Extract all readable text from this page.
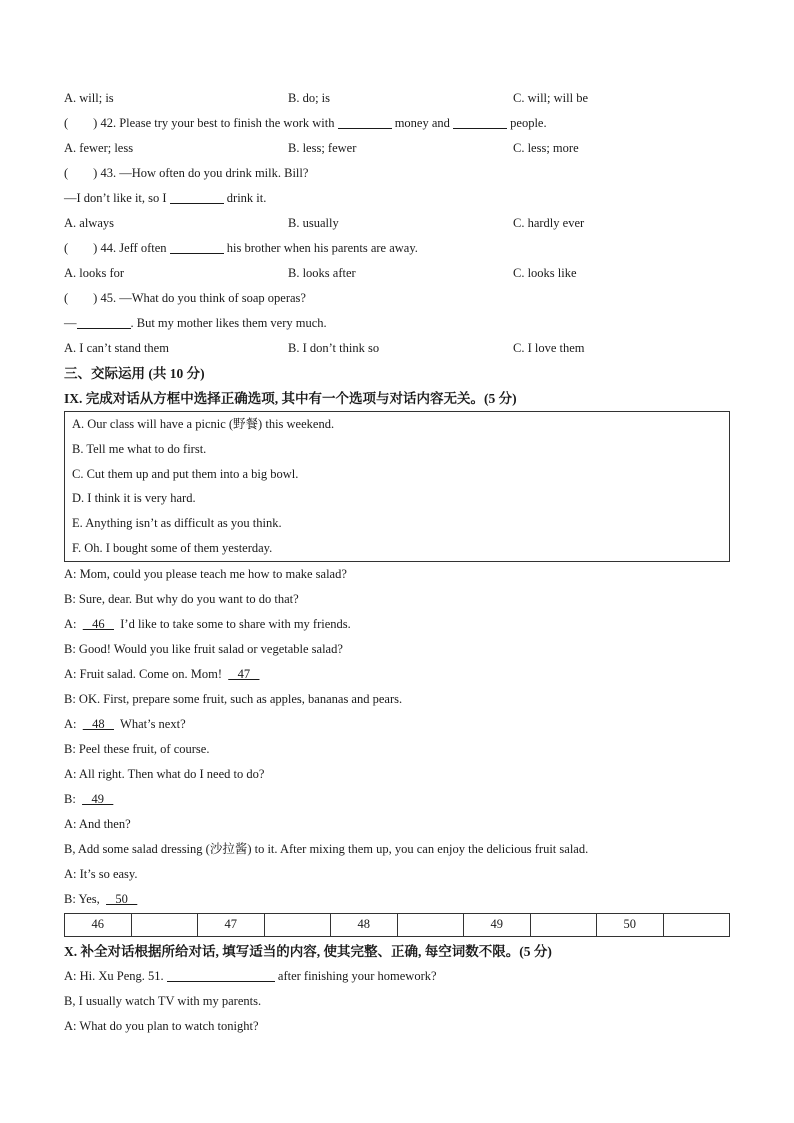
A. will; is	B. do; is	C. will; will be
(        ) 42. Please try your best to finish the work with	money and	people.
A. fewer; less	B. less; fewer	C. less; more
(        ) 43. —How often do you drink milk. Bill?
—I don’t like it, so I	drink it.
A. always	B. usually	C. hardly ever
(        ) 44. Jeff often	his brother when his parents are away.
A. looks for	B. looks after	C. looks like
(        ) 45. —What do you think of soap operas?
—	. But my mother likes them very much.
A. I can’t stand them	B. I don’t think so	C. I love them
三、交际运用 (共 10 分)
IX. 完成对话从方框中选择正确选项, 其中有一个选项与对话内容无关。(5 分)
A. Our class will have a picnic (野餐) this weekend.
B. Tell me what to do first.
C. Cut them up and put them into a big bowl.
D. I think it is very hard.
E. Anything isn’t as difficult as you think.
F. Oh. I bought some of them yesterday.
A: Mom, could you please teach me how to make salad?
B: Sure, dear. But why do you want to do that?
A:     46     I’d like to take some to share with my friends.
B: Good! Would you like fruit salad or vegetable salad?
A: Fruit salad. Come on. Mom!     47
B: OK. First, prepare some fruit, such as apples, bananas and pears.
A:     48     What’s next?
B: Peel these fruit, of course.
A: All right. Then what do I need to do?
B:     49
A: And then?
B, Add some salad dressing (沙拉酱) to it. After mixing them up, you can enjoy the delicious fruit salad.
A: It’s so easy.
B: Yes,     50
46		47		48		49		50	
X. 补全对话根据所给对话, 填写适当的内容, 使其完整、正确, 每空词数不限。(5 分)
A: Hi. Xu Peng. 51.	after finishing your homework?
B, I usually watch TV with my parents.
A: What do you plan to watch tonight?
